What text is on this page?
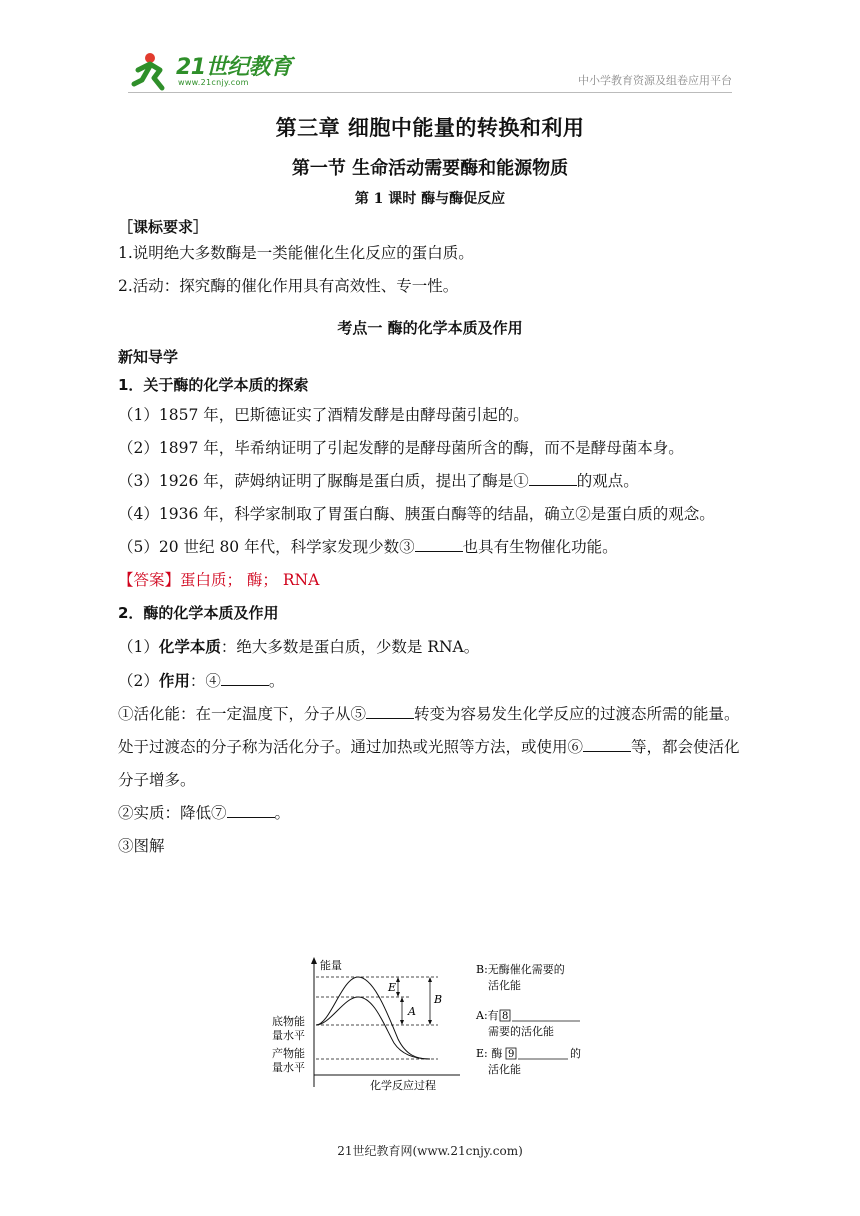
21世纪教育
www.21cnjy.com	中小学教育资源及组卷应用平台
第三章 细胞中能量的转换和利用
第一节 生命活动需要酶和能源物质
第 1 课时 酶与酶促反应
［课标要求］

1.说明绝大多数酶是一类能催化生化反应的蛋白质。

2.活动：探究酶的催化作用具有高效性、专一性。

考点一 酶的化学本质及作用
新知导学
1．关于酶的化学本质的探索

（1）1857 年，巴斯德证实了酒精发酵是由酵母菌引起的。

（2）1897 年，毕希纳证明了引起发酵的是酵母菌所含的酶，而不是酵母菌本身。

（3）1926 年，萨姆纳证明了脲酶是蛋白质，提出了酶是①	的观点。

（4）1936 年，科学家制取了胃蛋白酶、胰蛋白酶等的结晶，确立②是蛋白质的观念。

（5）20 世纪 80 年代，科学家发现少数③	也具有生物催化功能。

【答案】蛋白质； 酶； RNA

2．酶的化学本质及作用

（1）化学本质：绝大多数是蛋白质，少数是 RNA。

（2）作用：④	。

①活化能：在一定温度下，分子从⑤	转变为容易发生化学反应的过渡态所需的能量。处于过渡态的分子称为活化分子。通过加热或光照等方法，或使用⑥	等，都会使活化分子增多。

②实质：降低⑦	。

③图解

能量
化学反应过程
E
A
B
底物能
量水平
产物能
量水平
B:无酶催化需要的
活化能
A:有 8
需要的活化能
E: 酶 9	的
活化能
21世纪教育网(www.21cnjy.com)
